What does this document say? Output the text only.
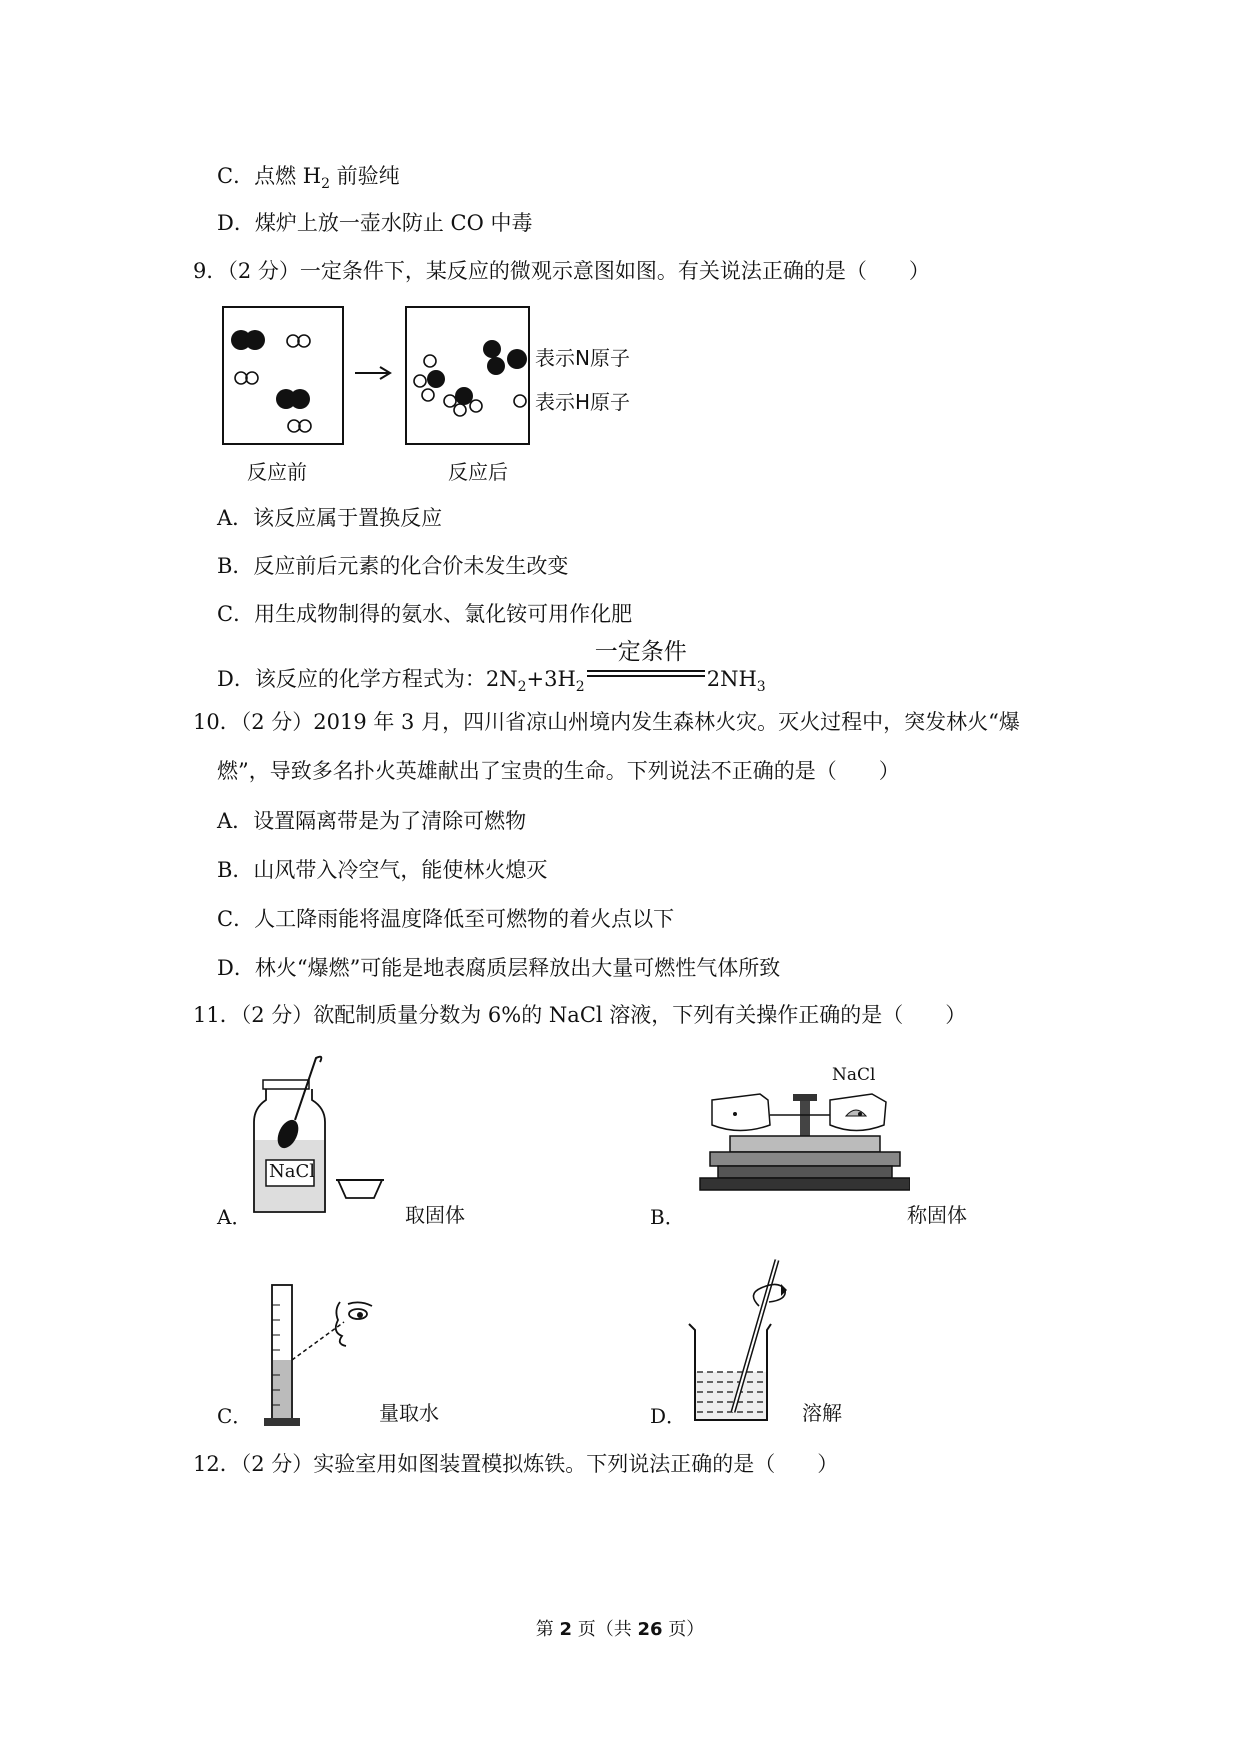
C．点燃 $H_2$ 前验纯
D．煤炉上放一壶水防止 CO 中毒
9．（2 分）一定条件下，某反应的微观示意图如图。有关说法正确的是（　　）
表示N原子
表示H原子
反应前	反应后
A．该反应属于置换反应
B．反应前后元素的化合价未发生改变
C．用生成物制得的氨水、氯化铵可用作化肥
D．该反应的化学方程式为：$2N_2+3H_2$
一定条件
$2NH_3$
10．（2 分）2019 年 3 月，四川省凉山州境内发生森林火灾。灭火过程中，突发林火“爆
燃”，导致多名扑火英雄献出了宝贵的生命。下列说法不正确的是（　　）
A．设置隔离带是为了清除可燃物
B．山风带入冷空气，能使林火熄灭
C．人工降雨能将温度降低至可燃物的着火点以下
D．林火“爆燃”可能是地表腐质层释放出大量可燃性气体所致
11．（2 分）欲配制质量分数为 6%的 NaCl 溶液，下列有关操作正确的是（　　）
NaCl
A．	取固体
NaCl
B．	称固体
C．	量取水	D．	溶解
12．（2 分）实验室用如图装置模拟炼铁。下列说法正确的是（　　）
第 2 页（共 26 页）
